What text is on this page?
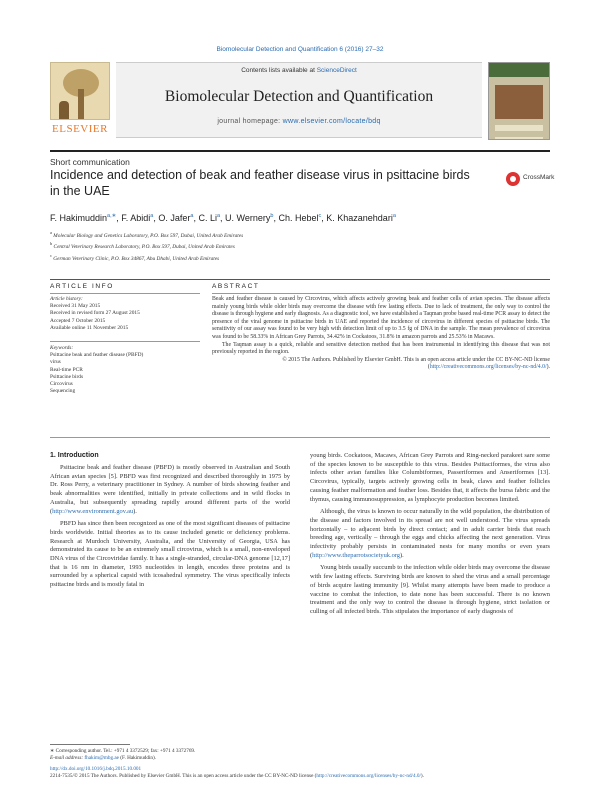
Biomolecular Detection and Quantification 6 (2016) 27–32
ELSEVIER
Contents lists available at ScienceDirect
Biomolecular Detection and Quantification
journal homepage: www.elsevier.com/locate/bdq
Short communication
Incidence and detection of beak and feather disease virus in psittacine birds in the UAE
CrossMark
F. Hakimuddin$^{a,∗}$, F. Abidi$^a$, O. Jafer$^a$, C. Li$^a$, U. Wernery$^b$, Ch. Hebel$^c$, K. Khazanehdari$^a$
$^a$ Molecular Biology and Genetics Laboratory, P.O. Box 597, Dubai, United Arab Emirates
$^b$ Central Veterinary Research Laboratory, P.O. Box 597, Dubai, United Arab Emirates
$^c$ German Veterinary Clinic, P.O. Box 34867, Abu Dhabi, United Arab Emirates
ARTICLE INFO	ABSTRACT
Article history:
Received 31 May 2015
Received in revised form 27 August 2015
Accepted 7 October 2015
Available online 11 November 2015
Keywords:
Psittacine beak and feather disease (PBFD)
virus
Real-time PCR
Psittacine birds
Circovirus
Sequencing

Beak and feather disease is caused by Circovirus, which affects actively growing beak and feather cells of avian species. The disease affects mainly young birds while older birds may overcome the disease with few lasting effects. Due to lack of treatment, the only way to control the disease is through hygiene and early diagnosis. As a diagnostic tool, we have established a Taqman probe based real-time PCR assay to detect the presence of the viral genome in psittacine birds in UAE and reported the incidence of circovirus in different species of psittacine birds. The sensitivity of our assay was found to be very high with detection limit of up to 3.5 fg of DNA in the sample. The mean prevalence of circovirus was found to be 58.33% in African Grey Parrots, 34.42% in Cockatoos, 31.8% in amazon parrots and 25.53% in Macaws.

The Taqman assay is a quick, reliable and sensitive detection method that has been instrumental in identifying this disease that was not previously reported in the region.

© 2015 The Authors. Published by Elsevier GmbH. This is an open access article under the CC BY-NC-ND license (http://creativecommons.org/licenses/by-nc-nd/4.0/).

1. Introduction

Psittacine beak and feather disease (PBFD) is mostly observed in Australian and South African avian species [5]. PBFD was first recognized and described thoroughly in 1975 by Dr. Ross Perry, a veterinary practitioner in Sydney. A number of birds showing feather and beak abnormalities were identified, initially in private collections and in wild flocks in Australia, but subsequently spreading rapidly around different parts of the world (http://www.environment.gov.au).

PBFD has since then been recognized as one of the most significant diseases of psittacine birds worldwide. Initial theories as to its cause included genetic or deficiency problems. Research at Murdoch University, Australia, and the University of Georgia, USA has demonstrated its cause to be an extremely small circovirus, which is a small, non-enveloped DNA virus of the Circoviridae family. It has a single-stranded, circular-DNA genome [12,17] that is 16 nm in diameter, 1993 nucleotides in length, encodes three proteins and is surrounded by a spherical capsid with icosahedral symmetry. The virus specifically infects psittacine birds and is mostly fatal in

young birds. Cockatoos, Macaws, African Grey Parrots and Ring-necked parakeet sare some of the species known to be susceptible to this virus. Besides Psittaciformes, the virus also infects other avian families like Columbiformes, Passeriformes and Anseriformes [13]. Circovirus, typically, targets actively growing cells in beak, claws and feather follicles causing feather malformation and feather loss. Besides that, it affects the bursa fabric and the thymus, causing immunosuppression, as lymphocyte production becomes limited.

Although, the virus is known to occur naturally in the wild population, the distribution of the disease and factors involved in its spread are not well understood. The virus spreads horizontally – to adjacent birds by direct contact; and in adult carrier birds that reach breeding age, vertically – through the eggs and chicks affecting the next generation. Virus infectivity probably persists in contaminated nests for many months or even years (http://www.theparrotsocietyuk.org).

Young birds usually succumb to the infection while older birds may overcome the disease with few lasting effects. Surviving birds are known to shed the virus and a small percentage of birds acquire lasting immunity [9]. Whilst many attempts have been made to produce a vaccine to combat the infection, to date none has been successful. There is no known treatment and the only way to control the disease is through hygiene, strict isolation or culling of all infected birds. This stipulates the importance of early diagnosis of

∗ Corresponding author. Tel.: +971 4 3372529; fax: +971 4 3372769.
E-mail address: fhakim@mbg.ae (F. Hakimuddin).
http://dx.doi.org/10.1016/j.bdq.2015.10.001
2214-7535/© 2015 The Authors. Published by Elsevier GmbH. This is an open access article under the CC BY-NC-ND license (http://creativecommons.org/licenses/by-nc-nd/4.0/).
